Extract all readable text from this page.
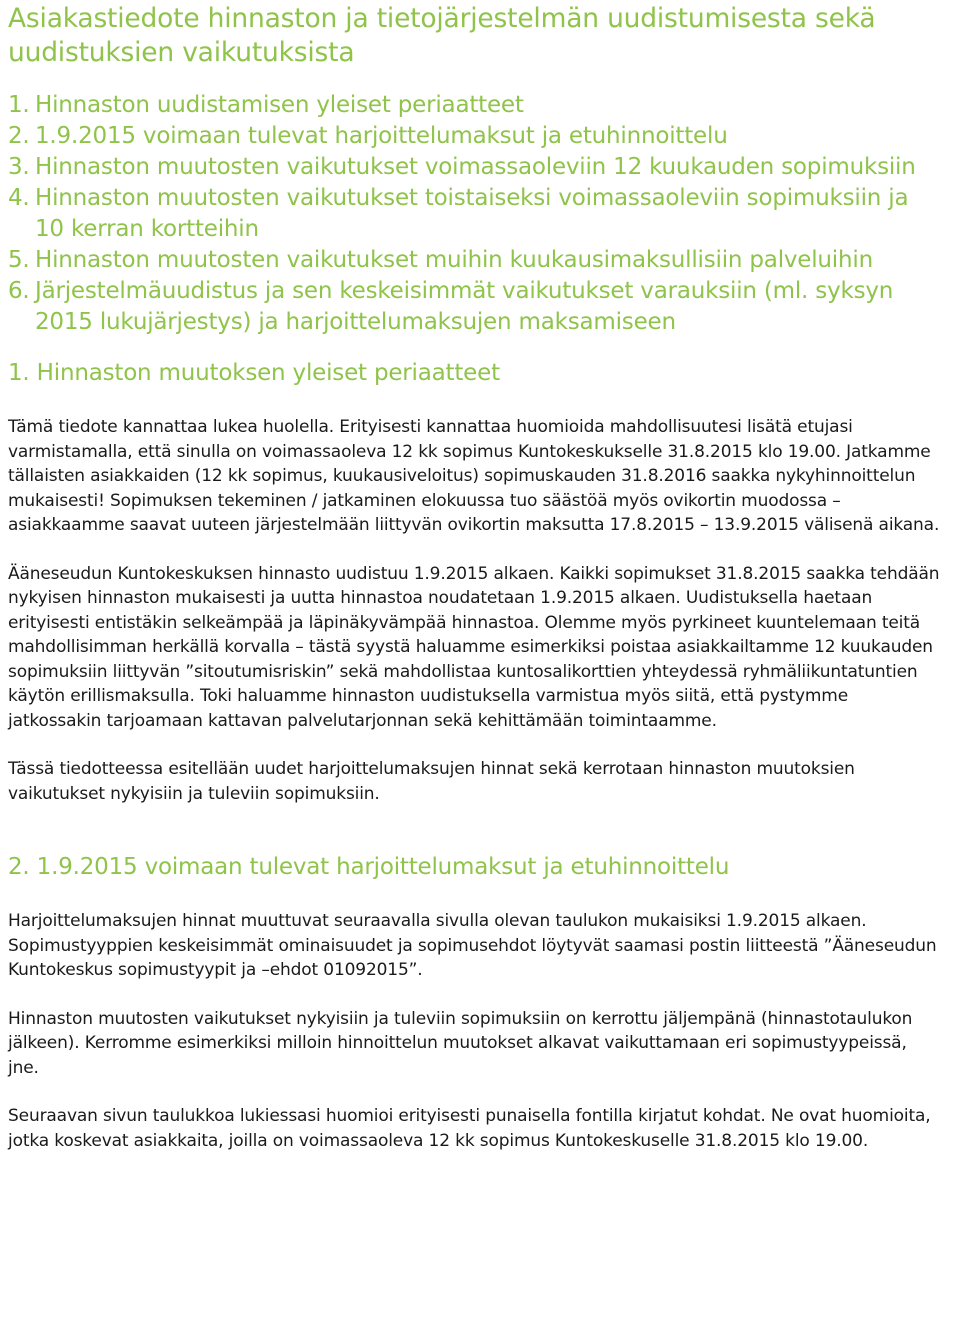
Asiakastiedote hinnaston ja tietojärjestelmän uudistumisesta sekä uudistuksien vaikutuksista
1. Hinnaston uudistamisen yleiset periaatteet
2. 1.9.2015 voimaan tulevat harjoittelumaksut ja etuhinnoittelu
3. Hinnaston muutosten vaikutukset voimassaoleviin 12 kuukauden sopimuksiin
4. Hinnaston muutosten vaikutukset toistaiseksi voimassaoleviin sopimuksiin ja 10 kerran kortteihin
5. Hinnaston muutosten vaikutukset muihin kuukausimaksullisiin palveluihin
6. Järjestelmäuudistus ja sen keskeisimmät vaikutukset varauksiin (ml. syksyn 2015 lukujärjestys) ja harjoittelumaksujen maksamiseen
1. Hinnaston muutoksen yleiset periaatteet

Tämä tiedote kannattaa lukea huolella. Erityisesti kannattaa huomioida mahdollisuutesi lisätä etujasi varmistamalla, että sinulla on voimassaoleva 12 kk sopimus Kuntokeskukselle 31.8.2015 klo 19.00. Jatkamme tällaisten asiakkaiden (12 kk sopimus, kuukausiveloitus) sopimuskauden 31.8.2016 saakka nykyhinnoittelun mukaisesti! Sopimuksen tekeminen / jatkaminen elokuussa tuo säästöä myös ovikortin muodossa – asiakkaamme saavat uuteen järjestelmään liittyvän ovikortin maksutta 17.8.2015 – 13.9.2015 välisenä aikana.

Ääneseudun Kuntokeskuksen hinnasto uudistuu 1.9.2015 alkaen. Kaikki sopimukset 31.8.2015 saakka tehdään nykyisen hinnaston mukaisesti ja uutta hinnastoa noudatetaan 1.9.2015 alkaen. Uudistuksella haetaan erityisesti entistäkin selkeämpää ja läpinäkyvämpää hinnastoa. Olemme myös pyrkineet kuuntelemaan teitä mahdollisimman herkällä korvalla – tästä syystä haluamme esimerkiksi poistaa asiakkailtamme 12 kuukauden sopimuksiin liittyvän ”sitoutumisriskin” sekä mahdollistaa kuntosalikorttien yhteydessä ryhmäliikuntatuntien käytön erillismaksulla. Toki haluamme hinnaston uudistuksella varmistua myös siitä, että pystymme jatkossakin tarjoamaan kattavan palvelutarjonnan sekä kehittämään toimintaamme.

Tässä tiedotteessa esitellään uudet harjoittelumaksujen hinnat sekä kerrotaan hinnaston muutoksien vaikutukset nykyisiin ja tuleviin sopimuksiin.

2. 1.9.2015 voimaan tulevat harjoittelumaksut ja etuhinnoittelu

Harjoittelumaksujen hinnat muuttuvat seuraavalla sivulla olevan taulukon mukaisiksi 1.9.2015 alkaen. Sopimustyyppien keskeisimmät ominaisuudet ja sopimusehdot löytyvät saamasi postin liitteestä ”Ääneseudun Kuntokeskus sopimustyypit ja –ehdot 01092015”.

Hinnaston muutosten vaikutukset nykyisiin ja tuleviin sopimuksiin on kerrottu jäljempänä (hinnastotaulukon jälkeen). Kerromme esimerkiksi milloin hinnoittelun muutokset alkavat vaikuttamaan eri sopimustyypeissä, jne.

Seuraavan sivun taulukkoa lukiessasi huomioi erityisesti punaisella fontilla kirjatut kohdat. Ne ovat huomioita, jotka koskevat asiakkaita, joilla on voimassaoleva 12 kk sopimus Kuntokeskuselle 31.8.2015 klo 19.00.
